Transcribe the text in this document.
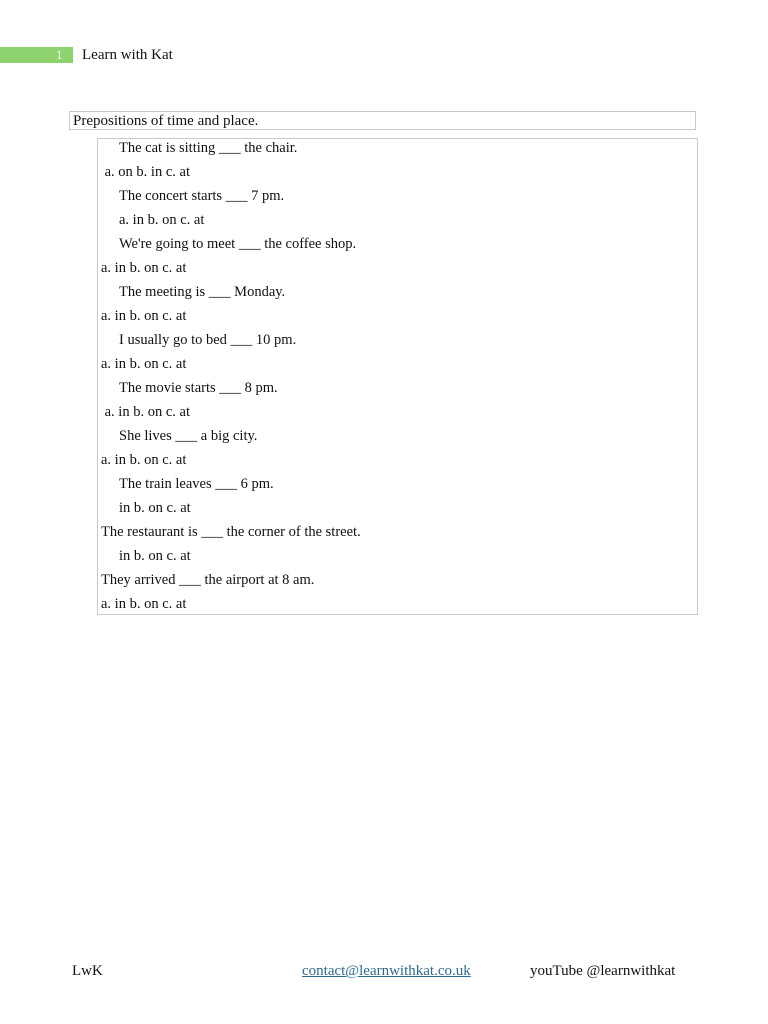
1 Learn with Kat
Prepositions of time and place.
The cat is sitting ___ the chair.
a. on b. in c. at
The concert starts ___ 7 pm.
a. in b. on c. at
We're going to meet ___ the coffee shop.
a. in b. on c. at
The meeting is ___ Monday.
a. in b. on c. at
I usually go to bed ___ 10 pm.
a. in b. on c. at
The movie starts ___ 8 pm.
a. in b. on c. at
She lives ___ a big city.
a. in b. on c. at
The train leaves ___ 6 pm.
in b. on c. at
The restaurant is ___ the corner of the street.
in b. on c. at
They arrived ___ the airport at 8 am.
a. in b. on c. at
LwK	contact@learnwithkat.co.uk	youTube @learnwithkat
